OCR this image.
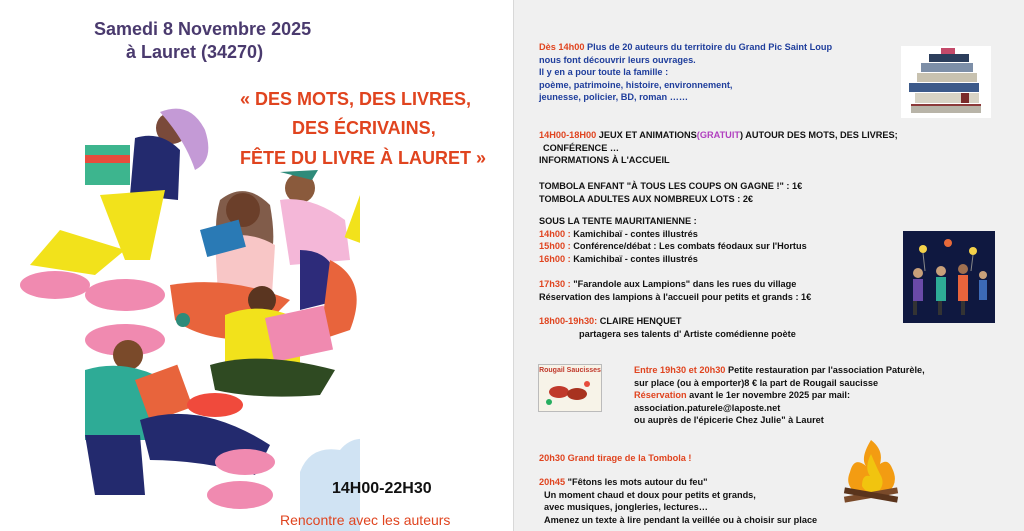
Samedi 8 Novembre 2025
à Lauret (34270)
« DES MOTS, DES LIVRES,
DES ÉCRIVAINS,
FÊTE DU LIVRE À LAURET »
14H00-22H30
Rencontre avec les auteurs
Dès 14h00 Plus de 20 auteurs du territoire du Grand Pic Saint Loup
nous font découvrir leurs ouvrages.
Il y en a pour toute la famille :
poème, patrimoine, histoire, environnement,
jeunesse, policier, BD, roman ……
14H00-18H00 JEUX ET ANIMATIONS(GRATUIT) AUTOUR DES MOTS, DES LIVRES;
CONFÉRENCE …
INFORMATIONS À L'ACCUEIL
TOMBOLA ENFANT "À TOUS LES COUPS ON GAGNE !" : 1€
TOMBOLA ADULTES AUX NOMBREUX LOTS : 2€
SOUS LA TENTE MAURITANIENNE :
14h00 : Kamichibaï - contes illustrés
15h00 : Conférence/débat : Les combats féodaux sur l'Hortus
16h00 : Kamichibaï - contes illustrés
17h30 : "Farandole aux Lampions" dans les rues du village
Réservation des lampions à l'accueil pour petits et grands : 1€
18h00-19h30: CLAIRE HENQUET
partagera ses talents d' Artiste comédienne poète
Rougail Saucisses	Entre 19h30 et 20h30 Petite restauration par l'association Paturèle,
sur place (ou à emporter)8 € la part de Rougail saucisse
Réservation avant le 1er novembre 2025 par mail:
association.paturele@laposte.net
ou auprès de l'épicerie Chez Julie" à Lauret
20h30 Grand tirage de la Tombola !
20h45 "Fêtons les mots autour du feu"
Un moment chaud et doux pour petits et grands,
avec musiques, jongleries, lectures…
Amenez un texte à lire pendant la veillée ou à choisir sur place
